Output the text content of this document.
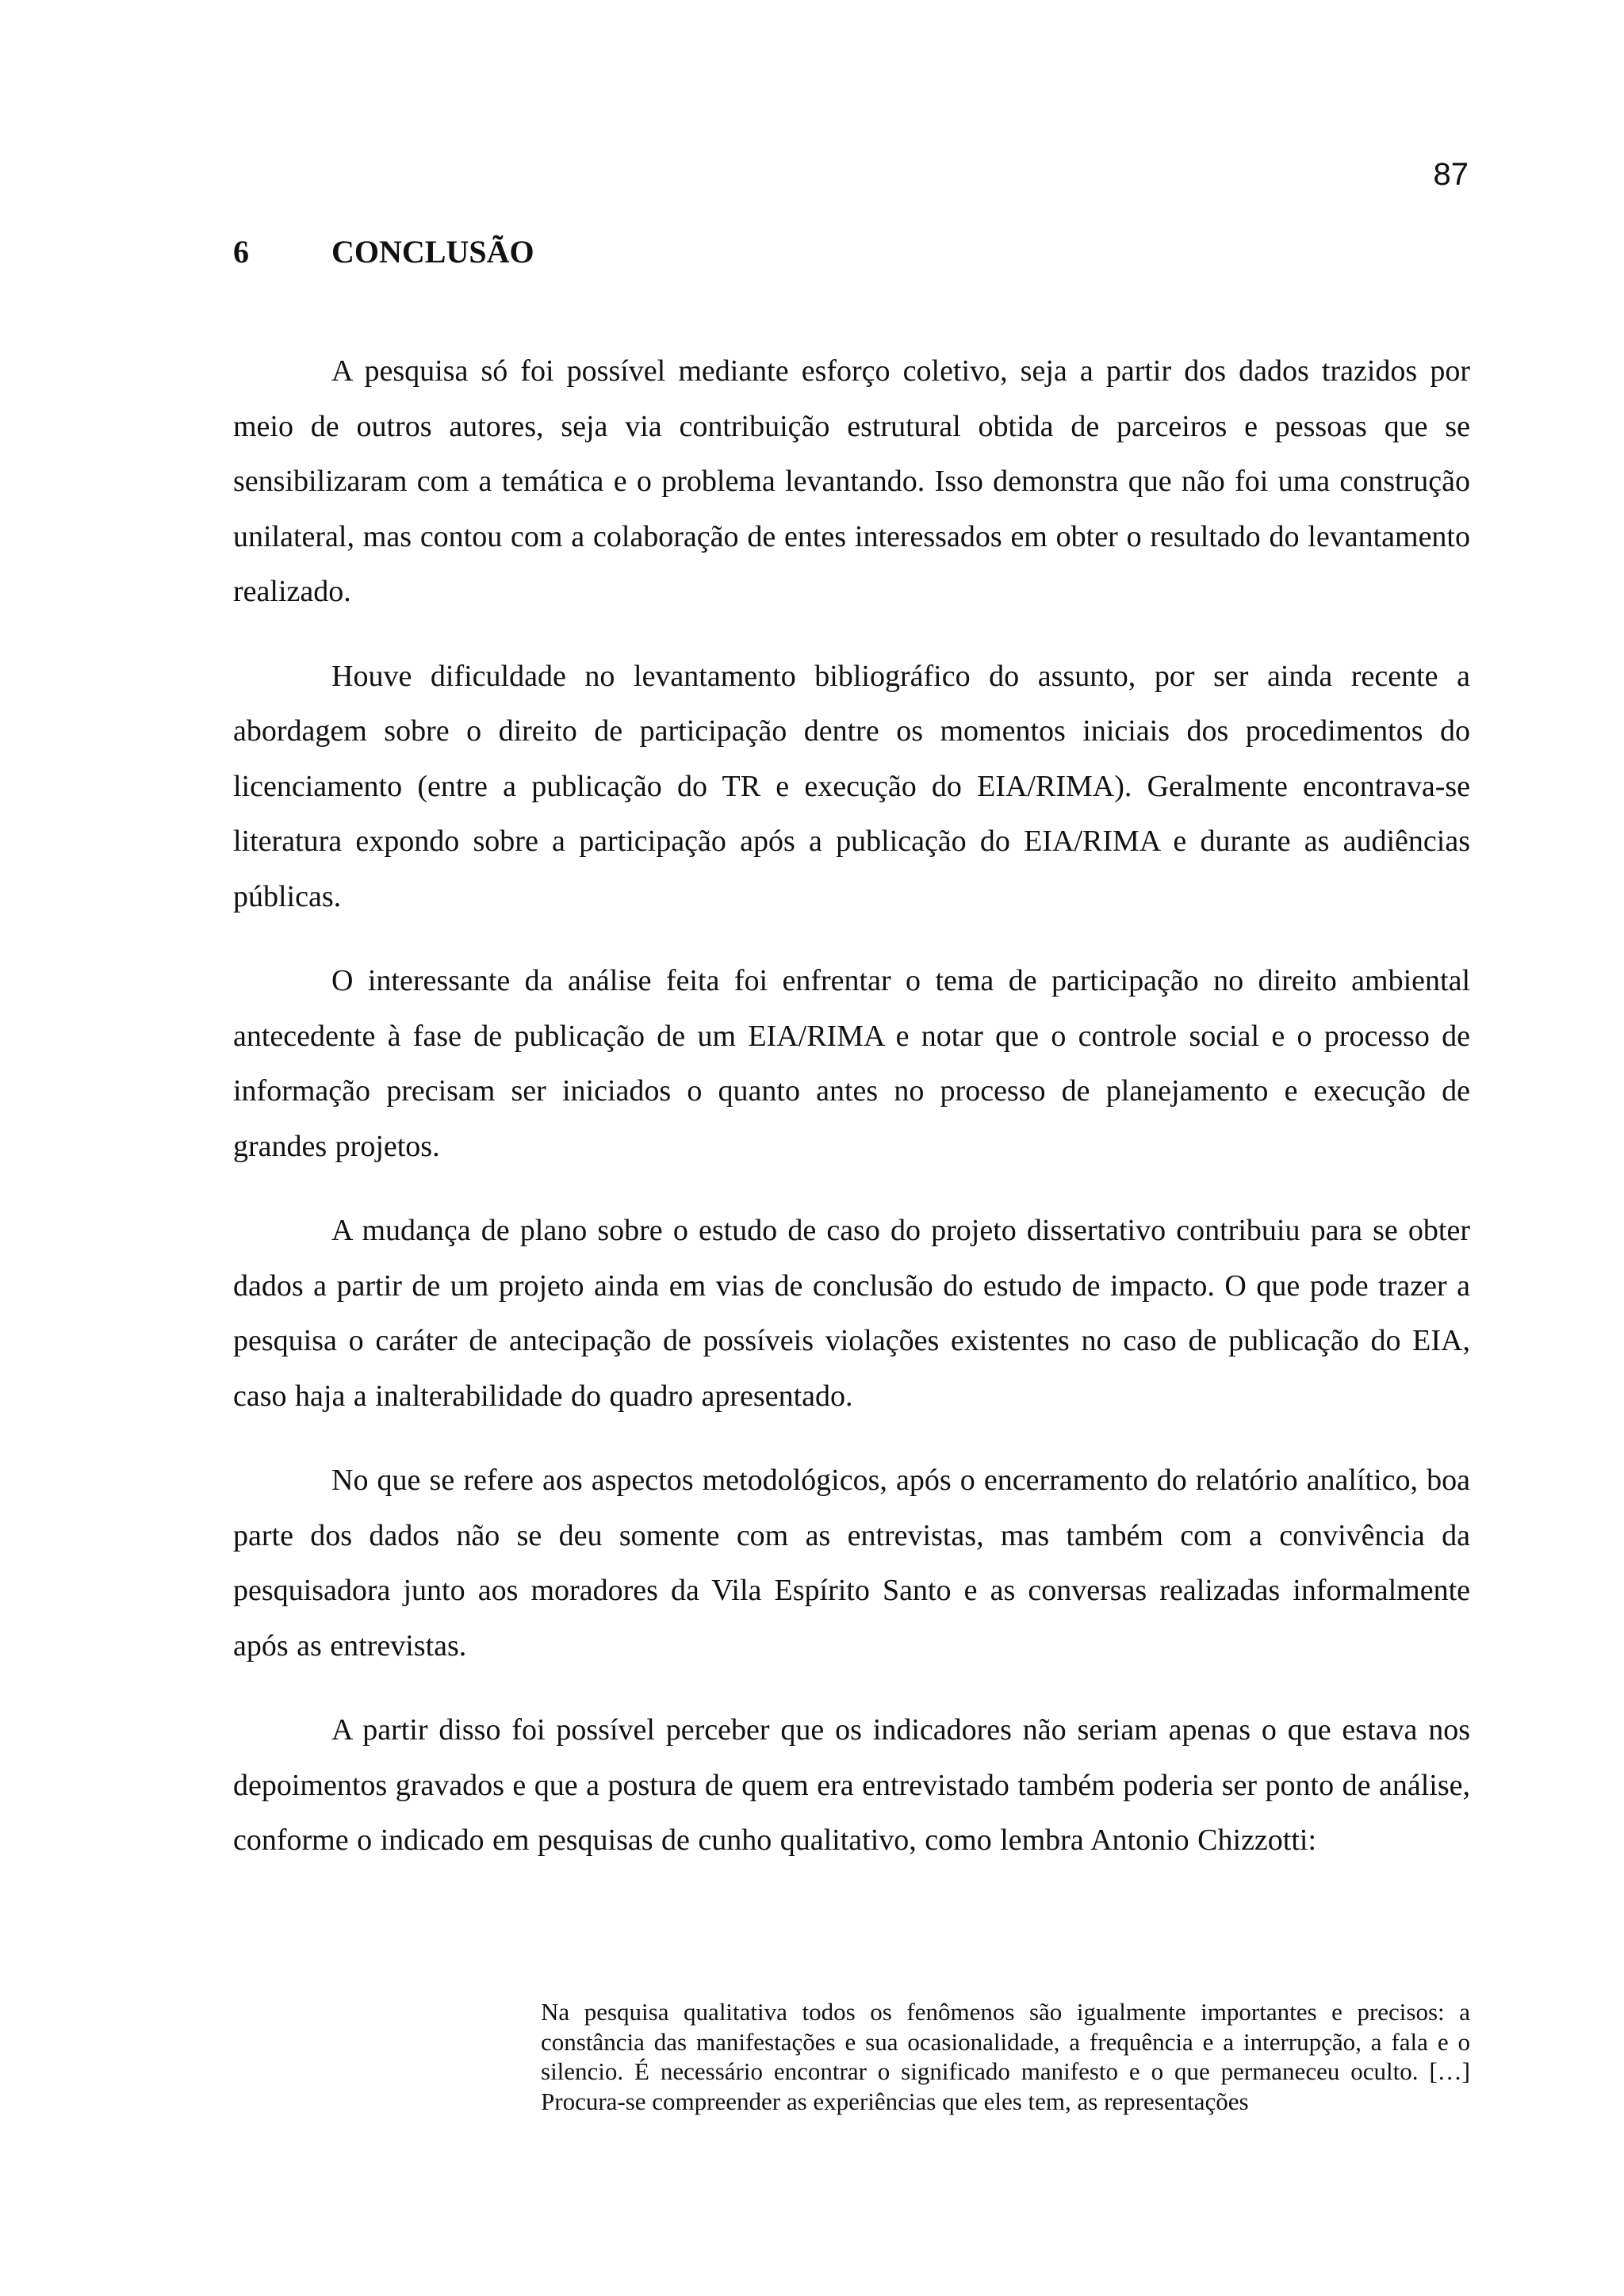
87
6	CONCLUSÃO

A pesquisa só foi possível mediante esforço coletivo, seja a partir dos dados trazidos por meio de outros autores, seja via contribuição estrutural obtida de parceiros e pessoas que se sensibilizaram com a temática e o problema levantando. Isso demonstra que não foi uma construção unilateral, mas contou com a colaboração de entes interessados em obter o resultado do levantamento realizado.

Houve dificuldade no levantamento bibliográfico do assunto, por ser ainda recente a abordagem sobre o direito de participação dentre os momentos iniciais dos procedimentos do licenciamento (entre a publicação do TR e execução do EIA/RIMA). Geralmente encontrava-se literatura expondo sobre a participação após a publicação do EIA/RIMA e durante as audiências públicas.

O interessante da análise feita foi enfrentar o tema de participação no direito ambiental antecedente à fase de publicação de um EIA/RIMA e notar que o controle social e o processo de informação precisam ser iniciados o quanto antes no processo de planejamento e execução de grandes projetos.

A mudança de plano sobre o estudo de caso do projeto dissertativo contribuiu para se obter dados a partir de um projeto ainda em vias de conclusão do estudo de impacto. O que pode trazer a pesquisa o caráter de antecipação de possíveis violações existentes no caso de publicação do EIA, caso haja a inalterabilidade do quadro apresentado.

No que se refere aos aspectos metodológicos, após o encerramento do relatório analítico, boa parte dos dados não se deu somente com as entrevistas, mas também com a convivência da pesquisadora junto aos moradores da Vila Espírito Santo e as conversas realizadas informalmente após as entrevistas.

A partir disso foi possível perceber que os indicadores não seriam apenas o que estava nos depoimentos gravados e que a postura de quem era entrevistado também poderia ser ponto de análise, conforme o indicado em pesquisas de cunho qualitativo, como lembra Antonio Chizzotti:

Na pesquisa qualitativa todos os fenômenos são igualmente importantes e precisos: a constância das manifestações e sua ocasionalidade, a frequência e a interrupção, a fala e o silencio. É necessário encontrar o significado manifesto e o que permaneceu oculto. […] Procura-se compreender as experiências que eles tem, as representações
